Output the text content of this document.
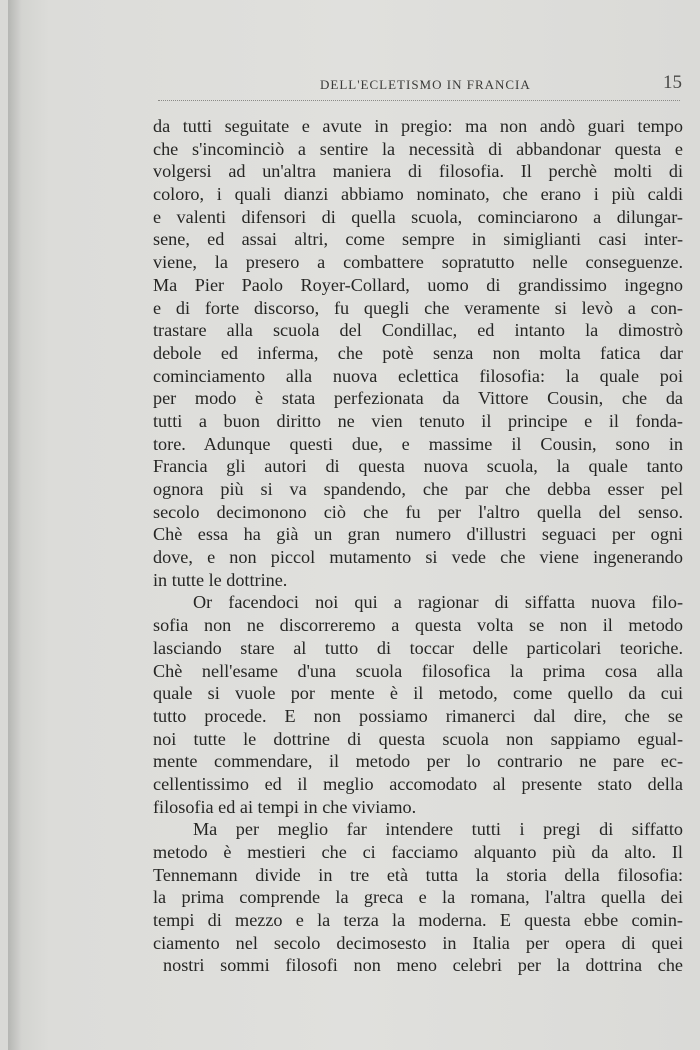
DELL'ECLETISMO IN FRANCIA	15
da tutti seguitate e avute in pregio: ma non andò guari tempo
che s'incominciò a sentire la necessità di abbandonar questa e
volgersi ad un'altra maniera di filosofia. Il perchè molti di
coloro, i quali dianzi abbiamo nominato, che erano i più caldi
e valenti difensori di quella scuola, cominciarono a dilungar-
sene, ed assai altri, come sempre in simiglianti casi inter-
viene, la presero a combattere sopratutto nelle conseguenze.
Ma Pier Paolo Royer-Collard, uomo di grandissimo ingegno
e di forte discorso, fu quegli che veramente si levò a con-
trastare alla scuola del Condillac, ed intanto la dimostrò
debole ed inferma, che potè senza non molta fatica dar
cominciamento alla nuova eclettica filosofia: la quale poi
per modo è stata perfezionata da Vittore Cousin, che da
tutti a buon diritto ne vien tenuto il principe e il fonda-
tore. Adunque questi due, e massime il Cousin, sono in
Francia gli autori di questa nuova scuola, la quale tanto
ognora più si va spandendo, che par che debba esser pel
secolo decimonono ciò che fu per l'altro quella del senso.
Chè essa ha già un gran numero d'illustri seguaci per ogni
dove, e non piccol mutamento si vede che viene ingenerando
in tutte le dottrine.
Or facendoci noi qui a ragionar di siffatta nuova filo-
sofia non ne discorreremo a questa volta se non il metodo
lasciando stare al tutto di toccar delle particolari teoriche.
Chè nell'esame d'una scuola filosofica la prima cosa alla
quale si vuole por mente è il metodo, come quello da cui
tutto procede. E non possiamo rimanerci dal dire, che se
noi tutte le dottrine di questa scuola non sappiamo egual-
mente commendare, il metodo per lo contrario ne pare ec-
cellentissimo ed il meglio accomodato al presente stato della
filosofia ed ai tempi in che viviamo.
Ma per meglio far intendere tutti i pregi di siffatto
metodo è mestieri che ci facciamo alquanto più da alto. Il
Tennemann divide in tre età tutta la storia della filosofia:
la prima comprende la greca e la romana, l'altra quella dei
tempi di mezzo e la terza la moderna. E questa ebbe comin-
ciamento nel secolo decimosesto in Italia per opera di quei
nostri sommi filosofi non meno celebri per la dottrina che
